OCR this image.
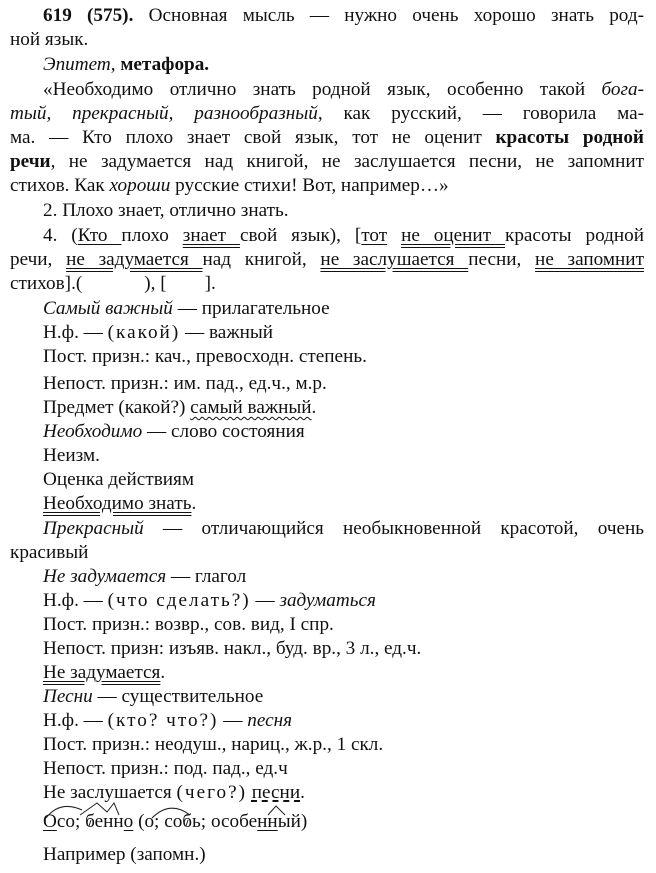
619 (575). Основная мысль — нужно очень хорошо знать род-
ной язык.
Эпитет, метафора.
«Необходимо отлично знать родной язык, особенно такой бога-
тый, прекрасный, разнообразный, как русский, — говорила ма-
ма. — Кто плохо знает свой язык, тот не оценит красоты родной
речи, не задумается над книгой, не заслушается песни, не запомнит
стихов. Как хороши русские стихи! Вот, например…»
2. Плохо знает, отлично знать.
4. (Кто плохо знает свой язык), [тот не оценит красоты родной
речи, не задумается над книгой, не заслушается песни, не запомнит
стихов].(	), [ ].
Самый важный — прилагательное
Н.ф. — (какой) — важный
Пост. призн.: кач., превосходн. степень.
Непост. призн.: им. пад., ед.ч., м.р.
Предмет (какой?) самый важный.
Необходимо — слово состояния
Неизм.
Оценка действиям
Необходимо знать.
Прекрасный — отличающийся необыкновенной красотой, очень
красивый
Не задумается — глагол
Н.ф. — (что сделать?) — задуматься
Пост. призн.: возвр., сов. вид, I спр.
Непост. призн: изъяв. накл., буд. вр., 3 л., ед.ч.
Не задумается.
Песни — существительное
Н.ф. — (кто? что?) — песня
Пост. призн.: неодуш., нариц., ж.р., 1 скл.
Непост. призн.: под. пад., ед.ч
Не заслушается (чего?) песни.
Осо; бенно (о; собь; особенный)
Например (запомн.)
